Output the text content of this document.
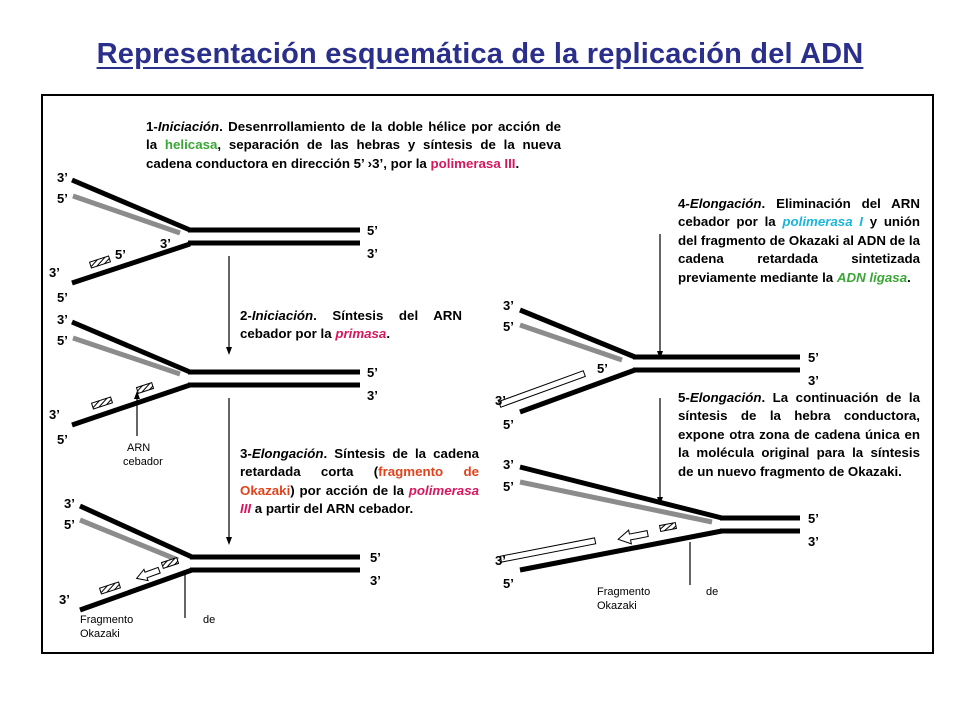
Representación esquemática de la replicación del ADN
1-Iniciación. Desenrrollamiento de la doble hélice por acción de la helicasa, separación de las hebras y síntesis de la nueva cadena conductora en dirección 5’ ›3’, por la polimerasa III.
2-Iniciación. Síntesis del ARN cebador por la primasa.
3-Elongación. Síntesis de la cadena retardada corta (fragmento de Okazaki) por acción de la polimerasa III a partir del ARN cebador.
4-Elongación. Eliminación del ARN cebador por la polimerasa I y unión del fragmento de Okazaki al ADN de la cadena retardada sintetizada previamente mediante la ADN ligasa.
5-Elongación. La continuación de la síntesis de la hebra conductora, expone otra zona de cadena única en la molécula original para la síntesis de un nuevo fragmento de Okazaki.
3’
5’
3’
5’
3’
5’
5’
3’
3’
5’
3’
5’
5’
3’
ARN
cebador
3’
5’
3’
5’
3’
Fragmento	de
Okazaki
3’
5’
5’
3’
5’
5’
3’
3’
5’
3’
5’
5’
3’
Fragmento	de
Okazaki
